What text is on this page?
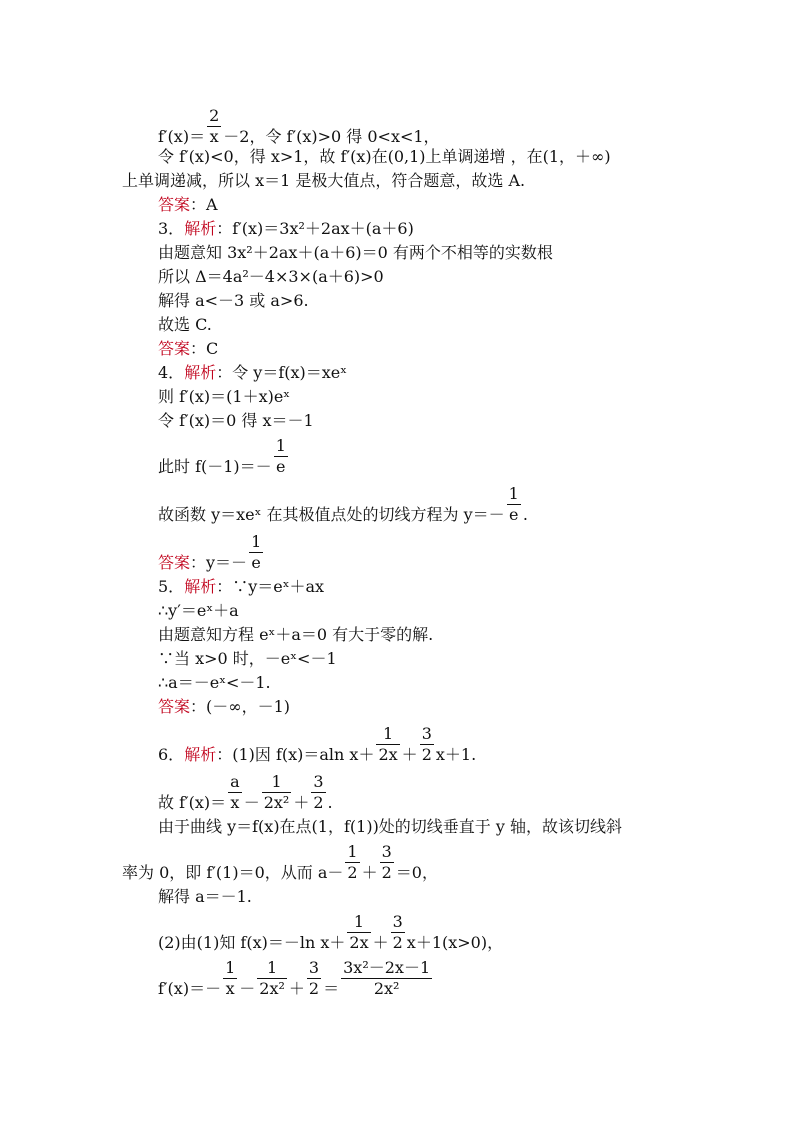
$f'(x)= \frac{2}{x} -2$，令 f′(x)>0 得 0<x<1，
令 f′(x)<0，得 x>1，故 f′(x)在(0,1)上单调递增 ，在(1，＋∞)
上单调递减，所以 x＝1 是极大值点，符合题意，故选 A.
答案：A
3．解析：f′(x)＝3x²＋2ax＋(a＋6)
由题意知 3x²＋2ax＋(a＋6)＝0 有两个不相等的实数根
所以 Δ＝4a²－4×3×(a＋6)>0
解得 a<－3 或 a>6.
故选 C.
答案：C
4．解析：令 y＝f(x)＝xeˣ
则 f′(x)＝(1＋x)eˣ
令 f′(x)＝0 得 x＝－1
此时 $f(-1)=- \frac{1}{e}$
故函数 y＝xeˣ 在其极值点处的切线方程为 $y=- \frac{1}{e}$ .
答案：$y=- \frac{1}{e}$
5．解析：∵y＝eˣ＋ax
∴y′＝eˣ＋a
由题意知方程 eˣ＋a＝0 有大于零的解.
∵当 x>0 时，－eˣ<－1
∴a＝－eˣ<－1.
答案：(－∞，－1)
6．解析：(1)因 f(x)＝aln $x+ \frac{1}{2x} + \frac{3}{2} x+1$.
故 $f'(x)= \frac{a}{x} - \frac{1}{\text{2x²}} + \frac{3}{2}$ .
由于曲线 y＝f(x)在点(1，f(1))处的切线垂直于 y 轴，故该切线斜
率为 0，即 f′(1)＝0，从而 $a- \frac{1}{2} + \frac{3}{2} =0$，
解得 a＝－1.
(2)由(1)知 f(x)＝－ln $x+ \frac{1}{2x} + \frac{3}{2} x+1(x>0)$，
$f'(x)=- \frac{1}{x} - \frac{1}{\text{2x²}} + \frac{3}{2} = \frac{\text{3x²－2x－1}}{\text{2x²}}$
